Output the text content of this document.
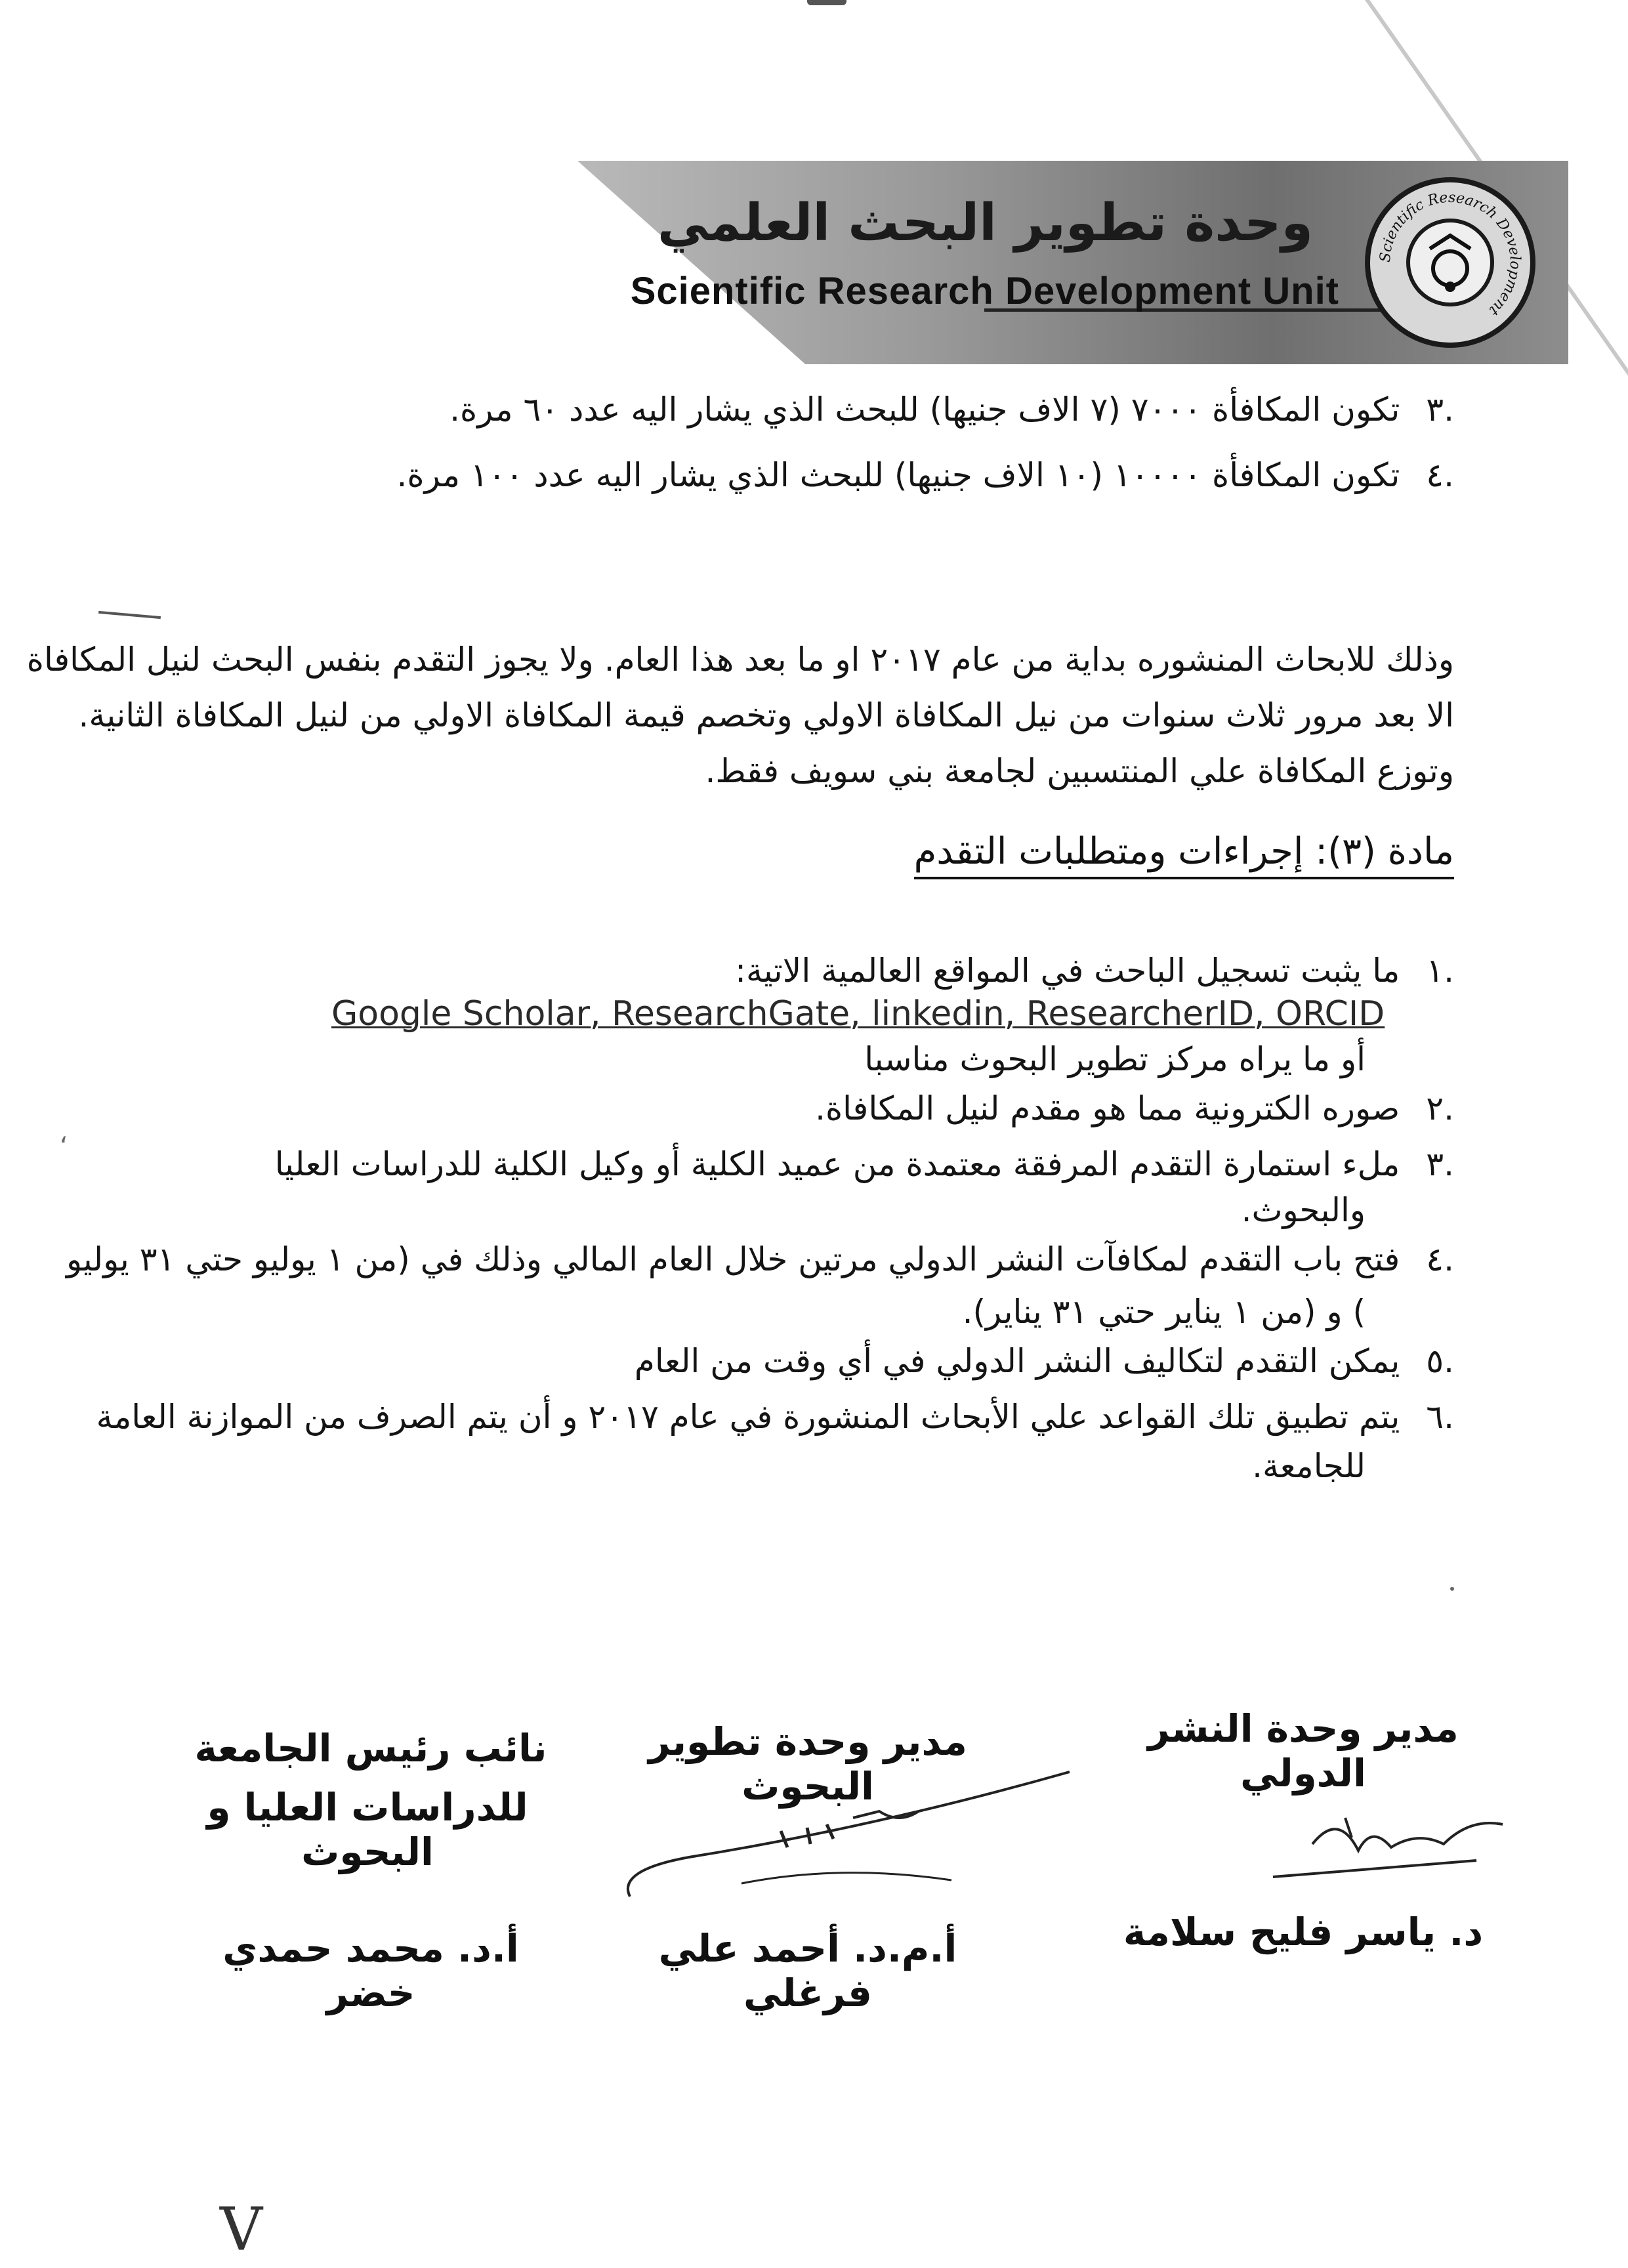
وحدة تطوير البحث العلمي
Scientific Research Development Unit
Scientific Research Development
.٣تكون المكافأة ٧٠٠٠ (٧ الاف جنيها) للبحث الذي يشار اليه عدد ٦٠ مرة.
.٤تكون المكافأة ١٠٠٠٠ (١٠ الاف جنيها) للبحث الذي يشار اليه عدد ١٠٠ مرة.
وذلك للابحاث المنشوره بداية من عام ٢٠١٧ او ما بعد هذا العام. ولا يجوز التقدم بنفس البحث لنيل المكافاة
الا بعد مرور ثلاث سنوات من نيل المكافاة الاولي وتخصم قيمة المكافاة الاولي من لنيل المكافاة الثانية.
وتوزع المكافاة علي المنتسبين لجامعة بني سويف فقط.
مادة (٣): إجراءات ومتطلبات التقدم
.١ما يثبت تسجيل الباحث في المواقع العالمية الاتية:
Google Scholar, ResearchGate, linkedin, ResearcherID, ORCID
أو ما يراه مركز تطوير البحوث مناسبا
.٢صوره الكترونية مما هو مقدم لنيل المكافاة.
.٣ملء استمارة التقدم المرفقة معتمدة من عميد الكلية أو وكيل الكلية للدراسات العليا
والبحوث.
.٤فتح باب التقدم لمكافآت النشر الدولي مرتين خلال العام المالي وذلك في (من ١ يوليو حتي ٣١ يوليو
) و (من ١ يناير حتي ٣١ يناير).
.٥يمكن التقدم لتكاليف النشر الدولي في أي وقت من العام
.٦يتم تطبيق تلك القواعد علي الأبحاث المنشورة في عام ٢٠١٧ و أن يتم الصرف من الموازنة العامة
للجامعة.
،
مدير وحدة النشر الدولي
مدير وحدة تطوير البحوث
نائب رئيس الجامعة
للدراسات العليا و البحوث
د. ياسر فليح سلامة
أ.م.د. أحمد علي فرغلي
أ.د. محمد حمدي خضر
V
